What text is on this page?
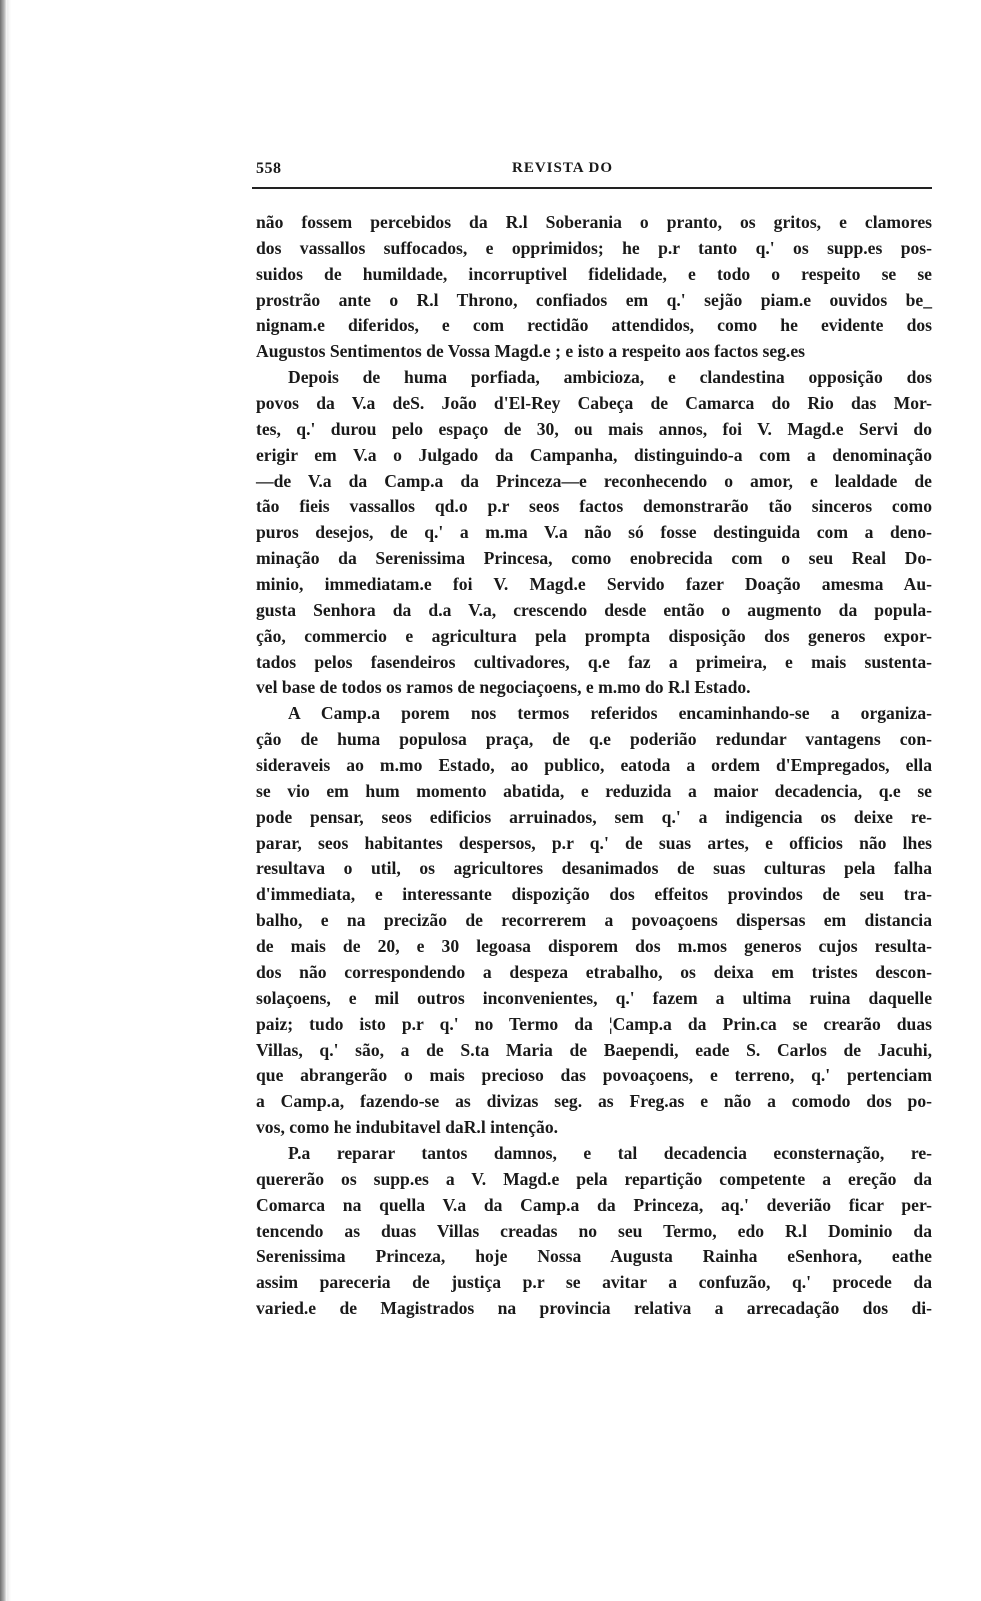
558	REVISTA DO
não fossem percebidos da R.l Soberania o pranto, os gritos, e clamores
dos vassallos suffocados, e opprimidos; he p.r tanto q.' os supp.es pos-
suidos de humildade, incorruptivel fidelidade, e todo o respeito se se
prostrão ante o R.l Throno, confiados em q.' sejão piam.e ouvidos be_
nignam.e diferidos, e com rectidão attendidos, como he evidente dos
Augustos Sentimentos de Vossa Magd.e ; e isto a respeito aos factos seg.es
Depois de huma porfiada, ambicioza, e clandestina opposição dos
povos da V.a deS. João d'El-Rey Cabeça de Camarca do Rio das Mor-
tes, q.' durou pelo espaço de 30, ou mais annos, foi V. Magd.e Servi do
erigir em V.a o Julgado da Campanha, distinguindo-a com a denominação
—de V.a da Camp.a da Princeza—e reconhecendo o amor, e lealdade de
tão fieis vassallos qd.o p.r seos factos demonstrarão tão sinceros como
puros desejos, de q.' a m.ma V.a não só fosse destinguida com a deno-
minação da Serenissima Princesa, como enobrecida com o seu Real Do-
minio, immediatam.e foi V. Magd.e Servido fazer Doação amesma Au-
gusta Senhora da d.a V.a, crescendo desde então o augmento da popula-
ção, commercio e agricultura pela prompta disposição dos generos expor-
tados pelos fasendeiros cultivadores, q.e faz a primeira, e mais sustenta-
vel base de todos os ramos de negociaçoens, e m.mo do R.l Estado.
A Camp.a porem nos termos referidos encaminhando-se a organiza-
ção de huma populosa praça, de q.e poderião redundar vantagens con-
sideraveis ao m.mo Estado, ao publico, eatoda a ordem d'Empregados, ella
se vio em hum momento abatida, e reduzida a maior decadencia, q.e se
pode pensar, seos edificios arruinados, sem q.' a indigencia os deixe re-
parar, seos habitantes despersos, p.r q.' de suas artes, e officios não lhes
resultava o util, os agricultores desanimados de suas culturas pela falha
d'immediata, e interessante dispozição dos effeitos provindos de seu tra-
balho, e na precizão de recorrerem a povoaçoens dispersas em distancia
de mais de 20, e 30 legoasa disporem dos m.mos generos cujos resulta-
dos não correspondendo a despeza etrabalho, os deixa em tristes descon-
solaçoens, e mil outros inconvenientes, q.' fazem a ultima ruina daquelle
paiz; tudo isto p.r q.' no Termo da ¦Camp.a da Prin.ca se crearão duas
Villas, q.' são, a de S.ta Maria de Baependi, eade S. Carlos de Jacuhi,
que abrangerão o mais precioso das povoaçoens, e terreno, q.' pertenciam
a Camp.a, fazendo-se as divizas seg. as Freg.as e não a comodo dos po-
vos, como he indubitavel daR.l intenção.
P.a reparar tantos damnos, e tal decadencia econsternação, re-
quererão os supp.es a V. Magd.e pela repartição competente a ereção da
Comarca na quella V.a da Camp.a da Princeza, aq.' deverião ficar per-
tencendo as duas Villas creadas no seu Termo, edo R.l Dominio da
Serenissima Princeza, hoje Nossa Augusta Rainha eSenhora, eathe
assim pareceria de justiça p.r se avitar a confuzão, q.' procede da
varied.e de Magistrados na provincia relativa a arrecadação dos di-
